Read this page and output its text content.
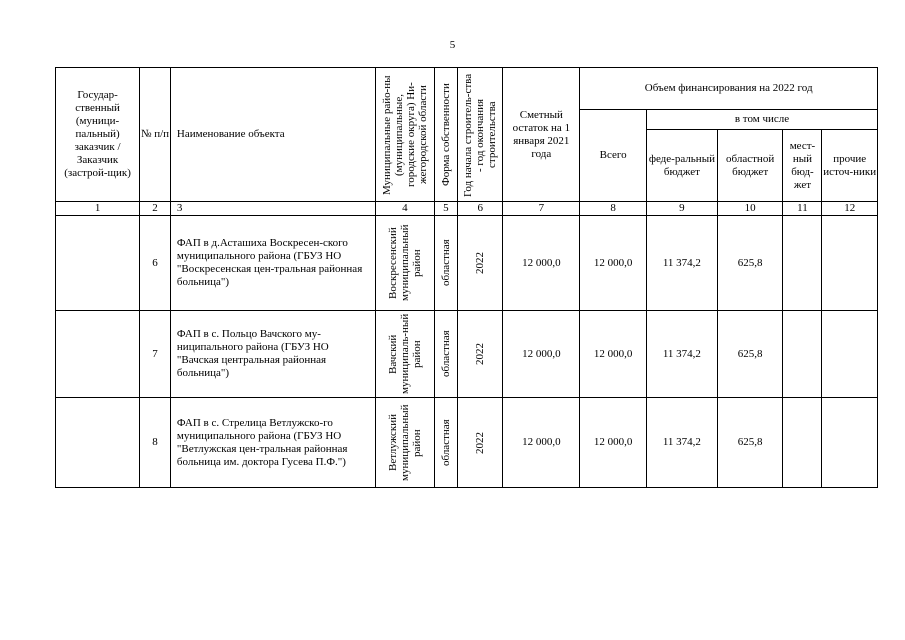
5
Государ-ственный (муници-пальный) заказчик / Заказчик (застрой-щик)	№ п/п	Наименование объекта	Муниципальные райо-ны (муниципальные, городские округа) Ни-жегородской области	Форма собственности	Год начала строитель-ства - год окончания строительства	Сметный остаток на 1 января 2021 года	Объем финансирования на 2022 год				
							Всего	в том числе			
								феде-ральный бюджет	областной бюджет	мест-ный бюд-жет	прочие источ-ники
1	2	3	4	5	6	7	8	9	10	11	12
	6	ФАП в д.Асташиха Воскресен-ского муниципального района (ГБУЗ НО "Воскресенская цен-тральная районная больница")	Воскресенский муниципальный район	областная	2022	12 000,0	12 000,0	11 374,2	625,8		
	7	ФАП в с. Польцо Вачского му-ниципального района (ГБУЗ НО "Вачская центральная районная больница")	Вачский муниципаль-ный район	областная	2022	12 000,0	12 000,0	11 374,2	625,8		
	8	ФАП в с. Стрелица Ветлужско-го муниципального района (ГБУЗ НО "Ветлужская цен-тральная районная больница им. доктора Гусева П.Ф.")	Ветлужский муниципальный район	областная	2022	12 000,0	12 000,0	11 374,2	625,8		
